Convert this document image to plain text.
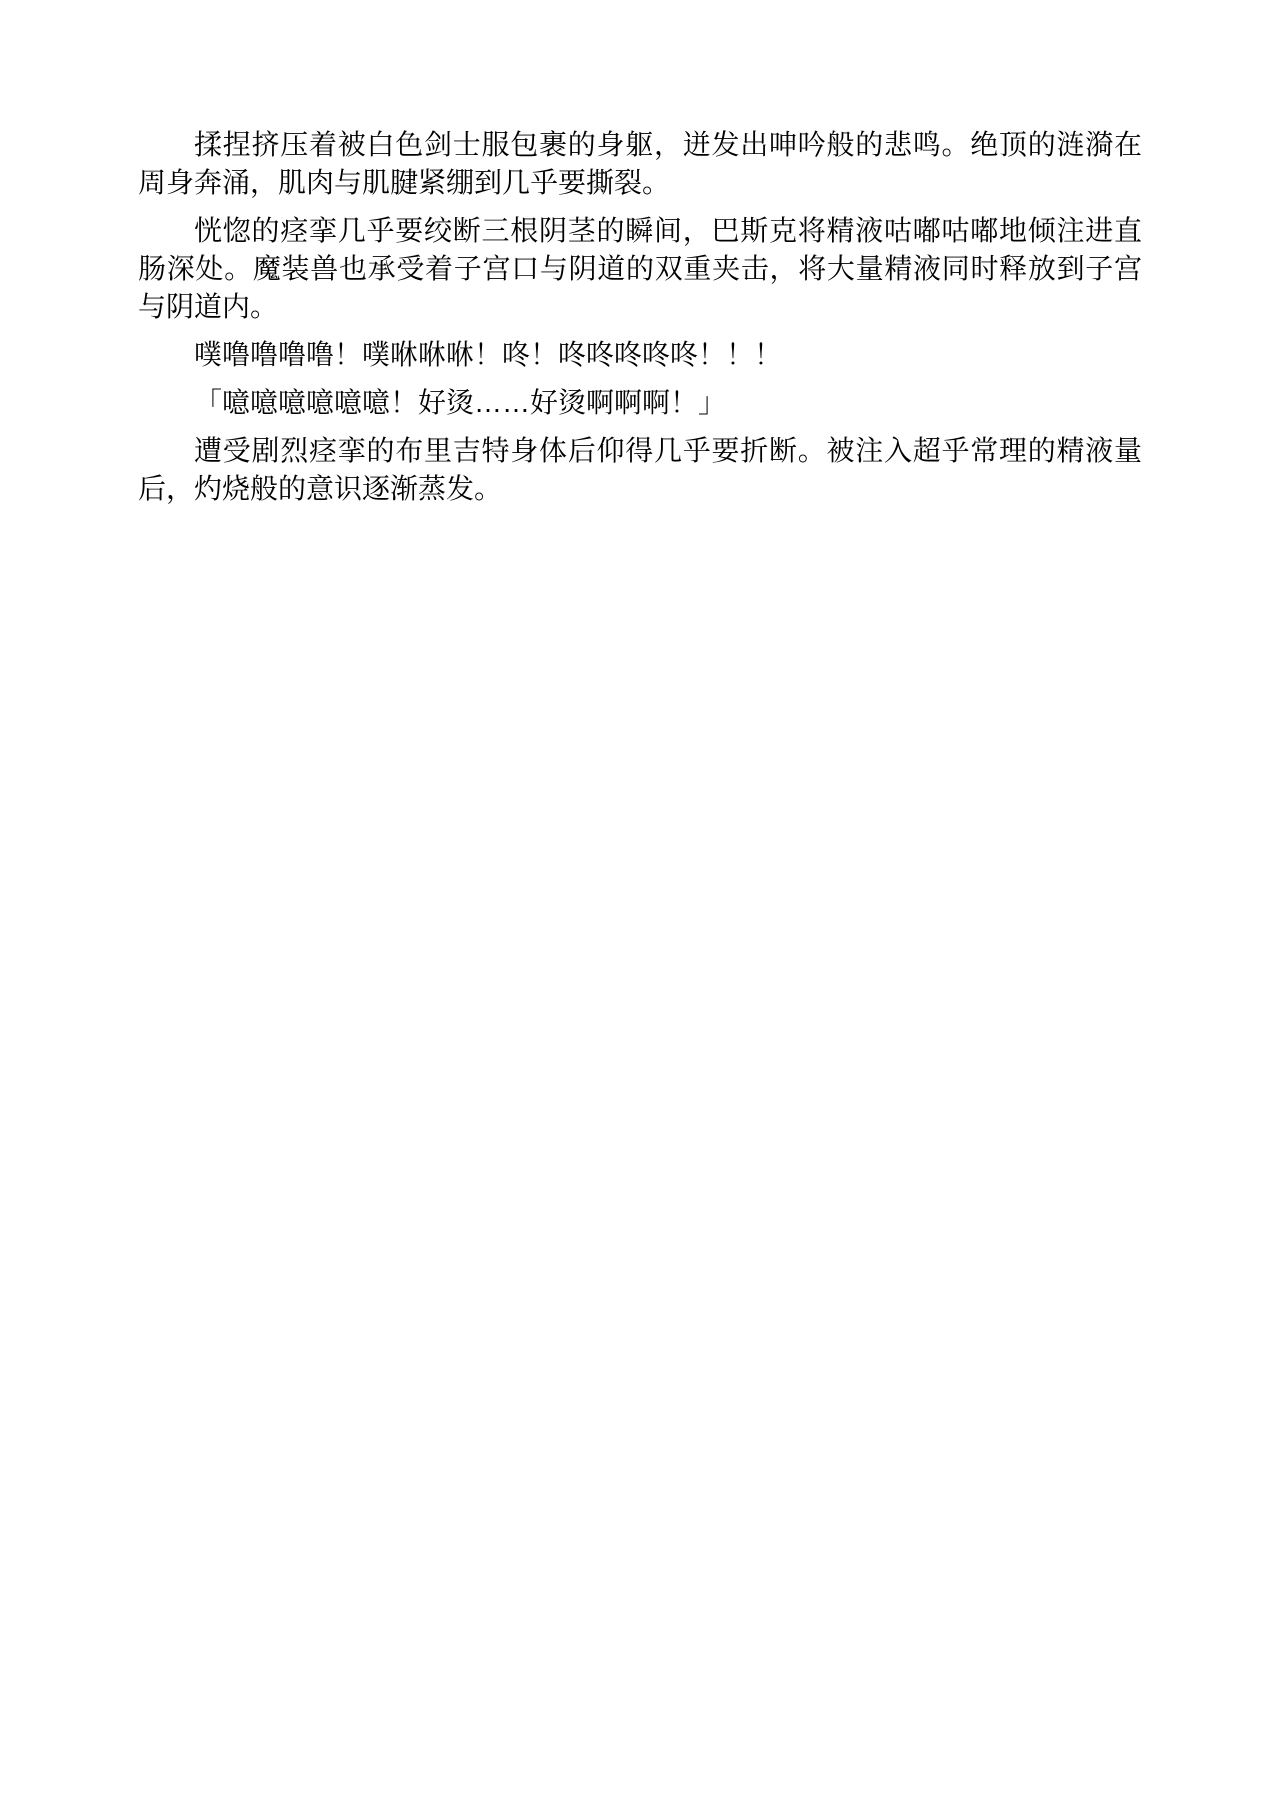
揉捏挤压着被白色剑士服包裹的身躯，迸发出呻吟般的悲鸣。绝顶的涟漪在周身奔涌，肌肉与肌腱紧绷到几乎要撕裂。

恍惚的痉挛几乎要绞断三根阴茎的瞬间，巴斯克将精液咕嘟咕嘟地倾注进直肠深处。魔装兽也承受着子宫口与阴道的双重夹击，将大量精液同时释放到子宫与阴道内。

噗噜噜噜噜！噗咻咻咻！咚！咚咚咚咚咚！！！

「噫噫噫噫噫噫！好烫……好烫啊啊啊！」

遭受剧烈痉挛的布里吉特身体后仰得几乎要折断。被注入超乎常理的精液量后，灼烧般的意识逐渐蒸发。
